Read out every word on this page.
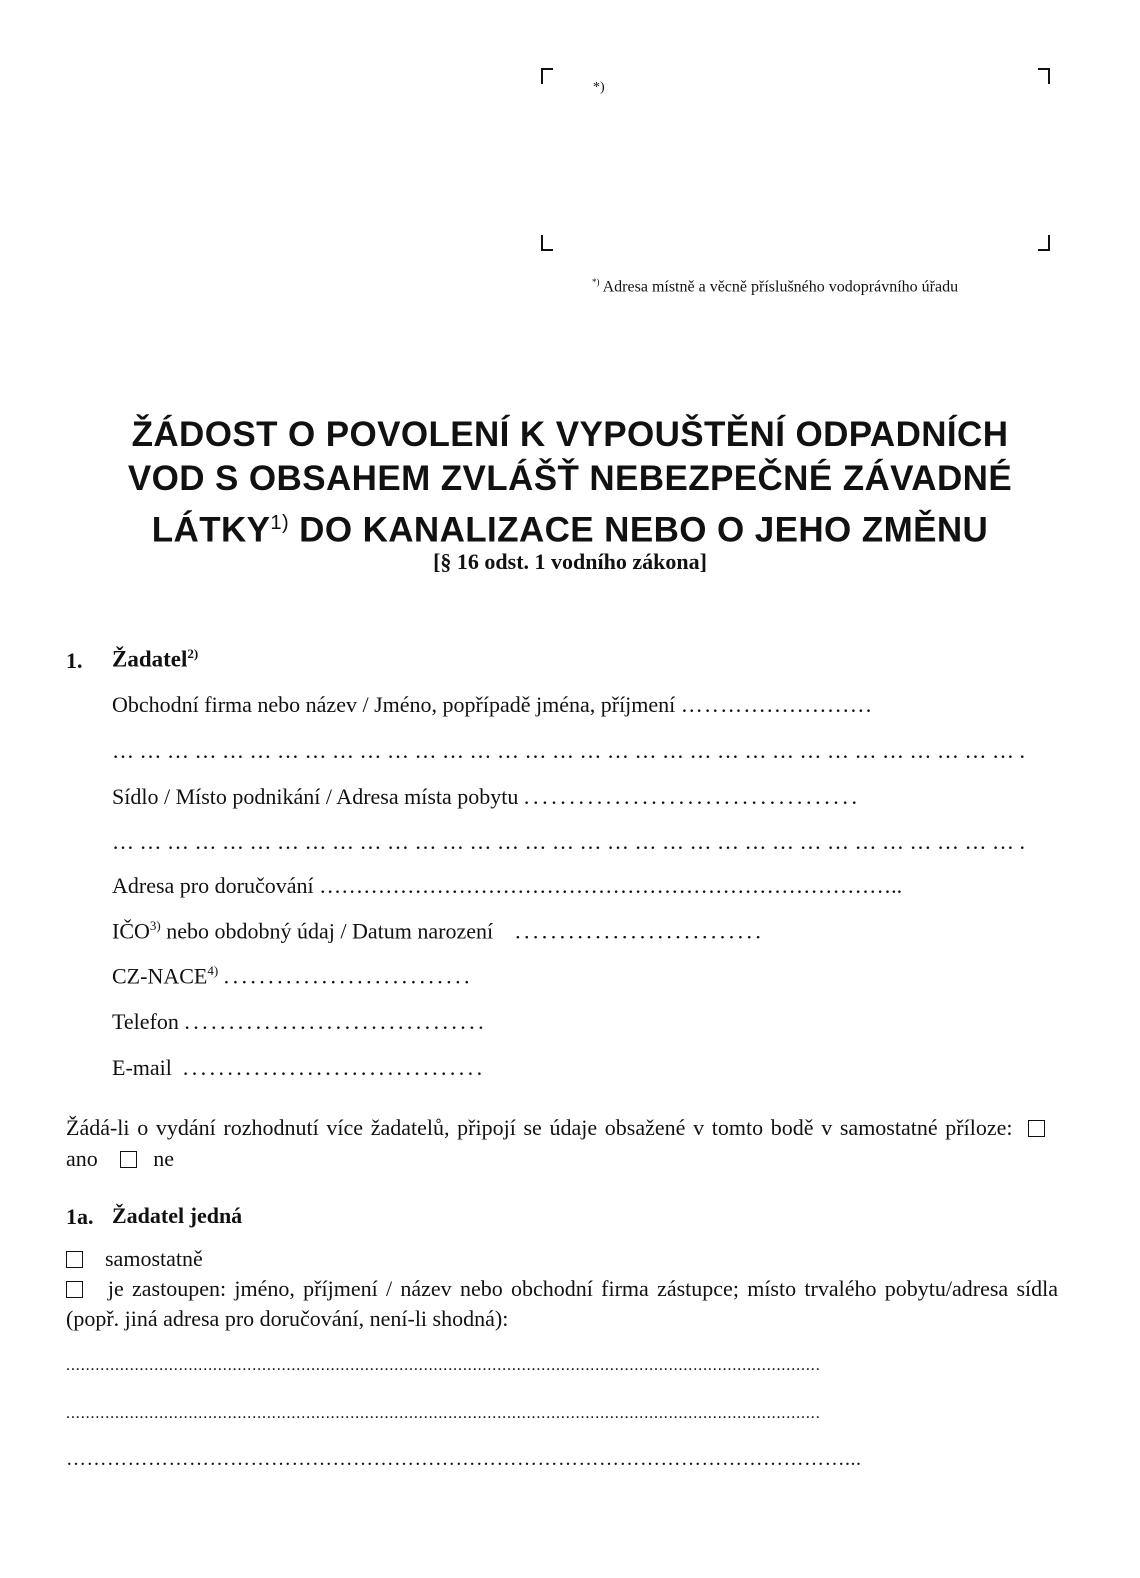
*)
*) Adresa místně a věcně příslušného vodoprávního úřadu
ŽÁDOST O POVOLENÍ K VYPOUŠTĚNÍ ODPADNÍCH
VOD S OBSAHEM ZVLÁŠŤ NEBEZPEČNÉ ZÁVADNÉ
LÁTKY$^{1)}$ DO KANALIZACE NEBO O JEHO ZMĚNU
[§ 16 odst. 1 vodního zákona]
1. Žadatel$^{2)}$
Obchodní firma nebo název / Jméno, popřípadě jména, příjmení …..….................
… … … … … … … … … … … … … … … … … … … … … … … … … … … … … … … … … .
Sídlo / Místo podnikání / Adresa místa pobytu .....................................
… … … … … … … … … … … … … … … … … … … … … … … … … … … … … … … … … .
Adresa pro doručování ……………………………………………………………………..
IČO$^{3)}$ nebo obdobný údaj / Datum narození ............................
CZ-NACE$^{4)}$ ............................
Telefon ..................................
E-mail ..................................
Žádá-li o vydání rozhodnutí více žadatelů, připojí se údaje obsažené v tomto bodě v samostatné příloze:     ano	ne
1a. Žadatel jedná
samostatně
je zastoupen: jméno, příjmení / název nebo obchodní firma zástupce; místo trvalého pobytu/adresa sídla (popř. jiná adresa pro doručování, není-li shodná):
..........................................................................................................................................................
..........................................................................................................................................................
……………………………………………………………………………………………………...
